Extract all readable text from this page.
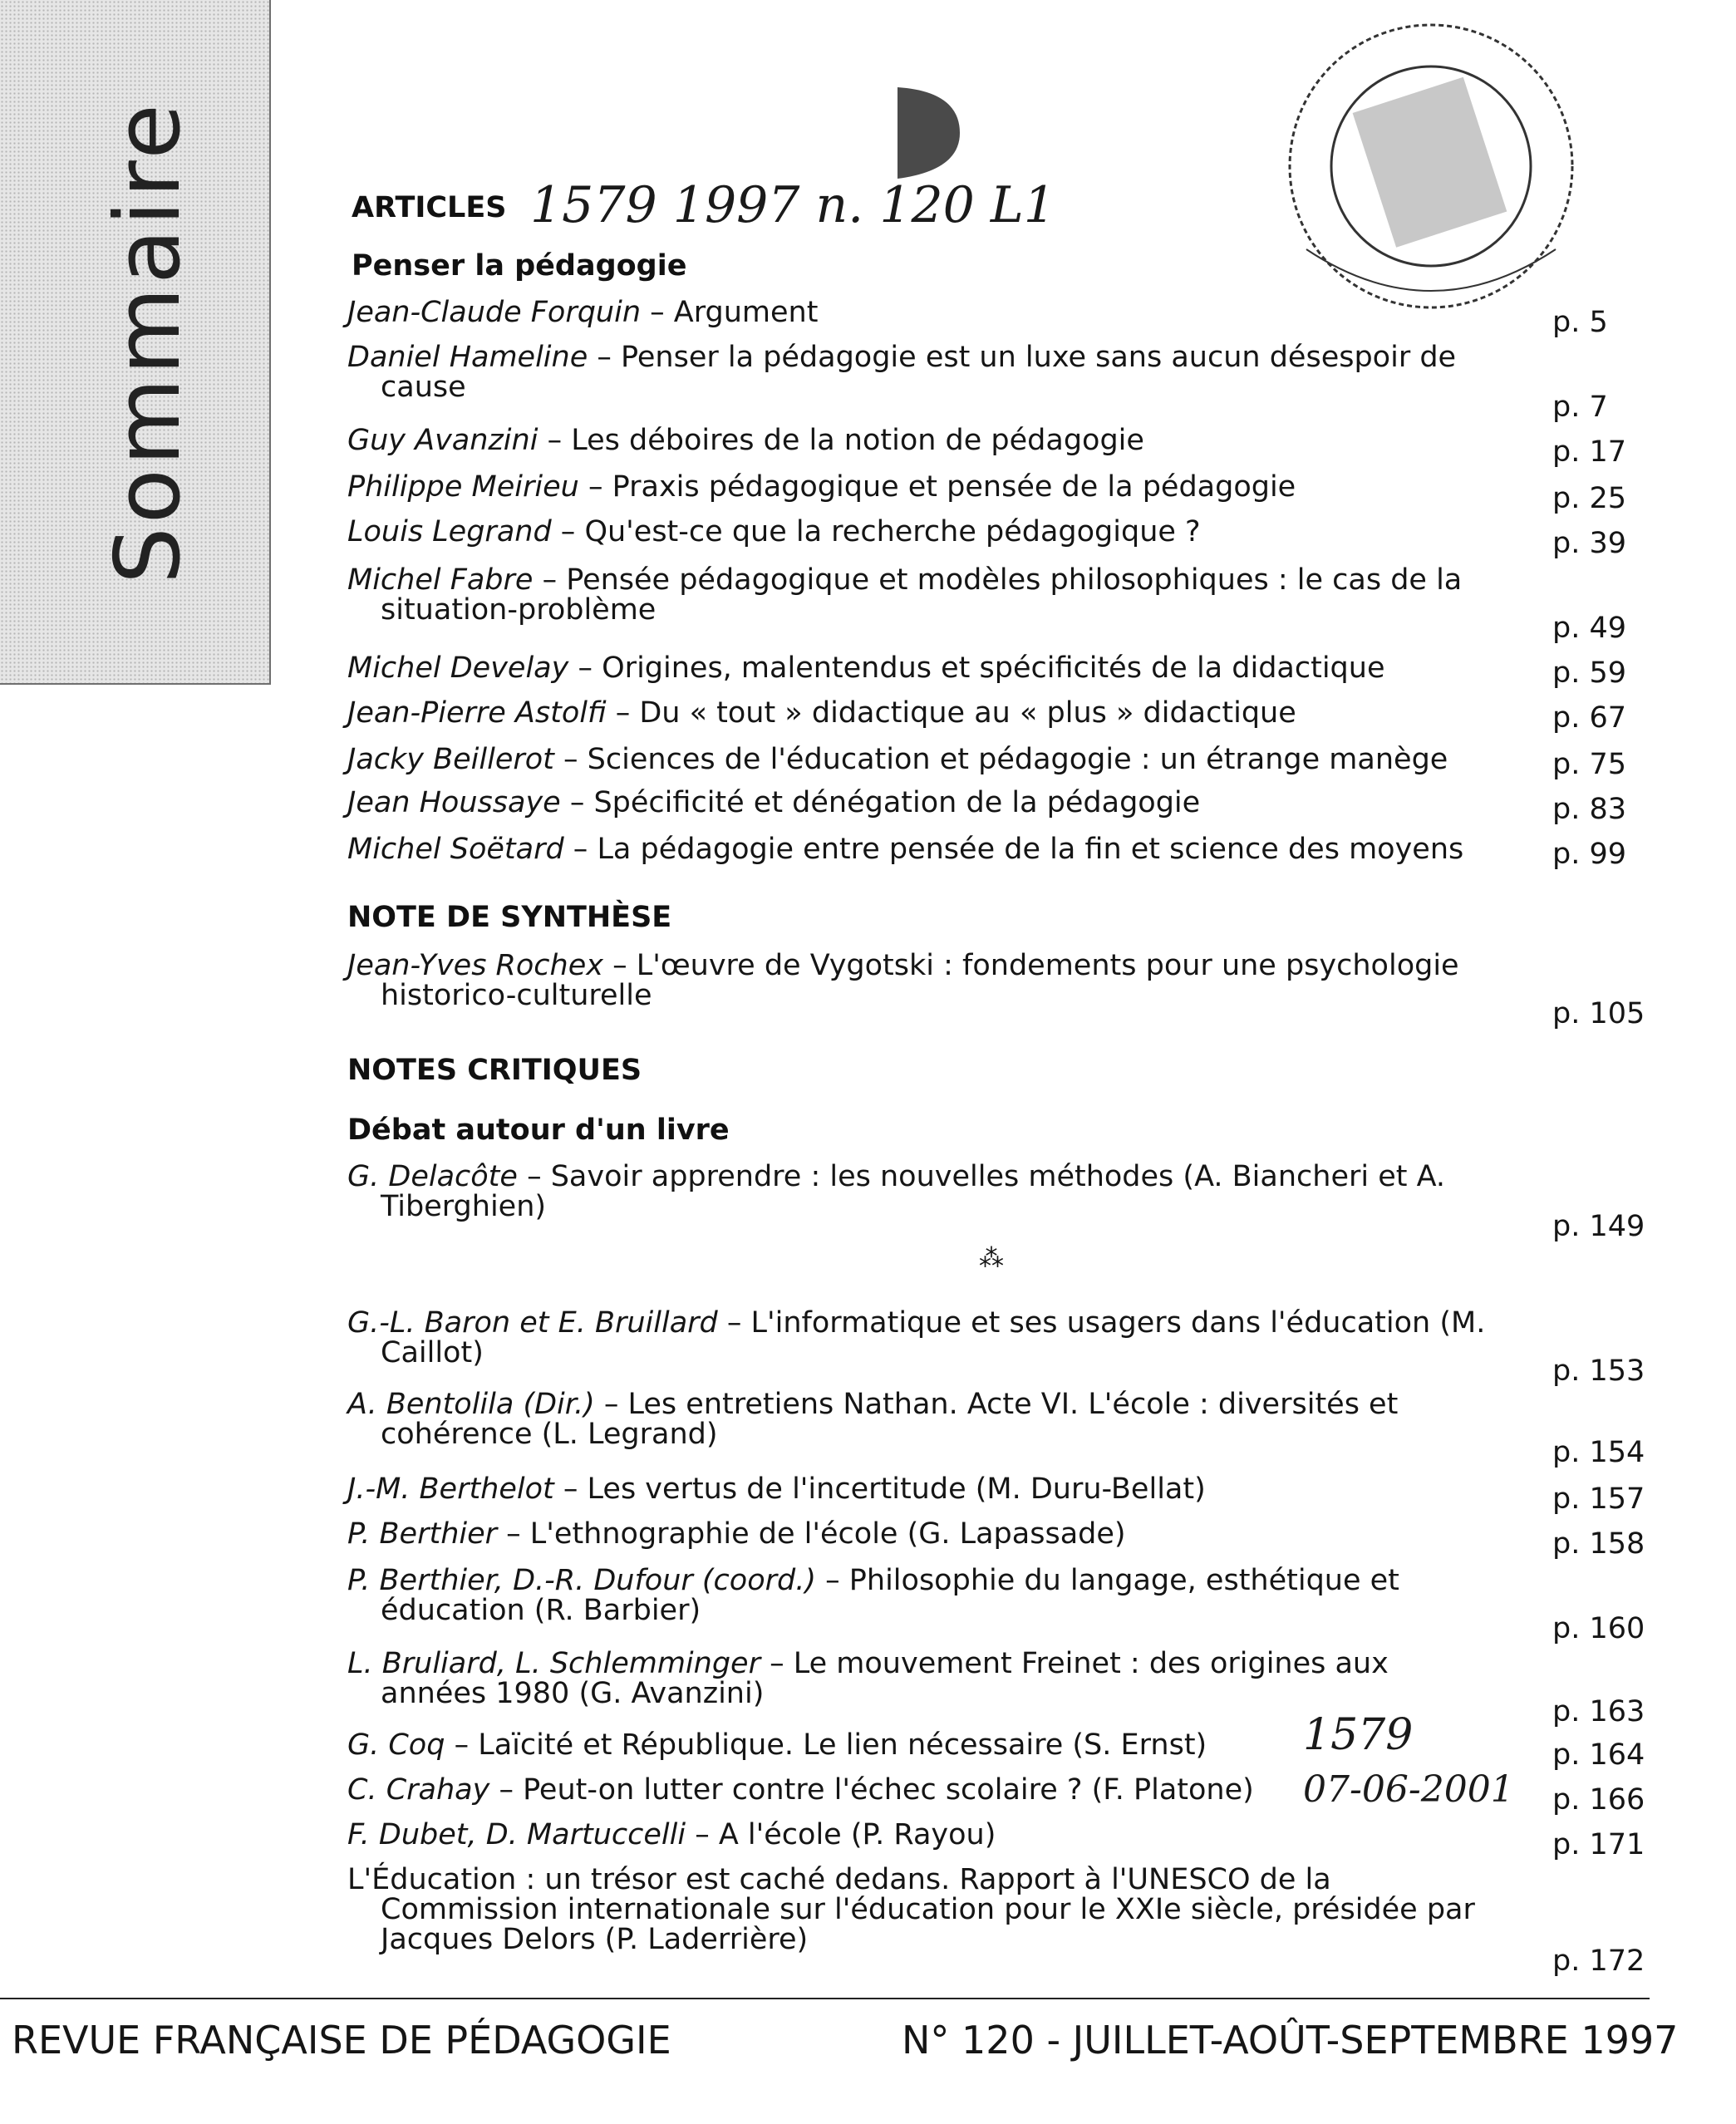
Sommaire	ARTICLES 1579 1997 n. 120 L1
Penser la pédagogie
Jean-Claude Forquin – Argument	p. 5
Daniel Hameline – Penser la pédagogie est un luxe sans aucun désespoir de cause
p. 7
Guy Avanzini – Les déboires de la notion de pédagogie	p. 17
Philippe Meirieu – Praxis pédagogique et pensée de la pédagogie	p. 25
Louis Legrand – Qu'est-ce que la recherche pédagogique ?	p. 39
Michel Fabre – Pensée pédagogique et modèles philosophiques : le cas de la situation-problème
p. 49
Michel Develay – Origines, malentendus et spécificités de la didactique	p. 59
Jean-Pierre Astolfi – Du « tout » didactique au « plus » didactique	p. 67
Jacky Beillerot – Sciences de l'éducation et pédagogie : un étrange manège	p. 75
Jean Houssaye – Spécificité et dénégation de la pédagogie	p. 83
Michel Soëtard – La pédagogie entre pensée de la fin et science des moyens	p. 99
NOTE DE SYNTHÈSE
Jean-Yves Rochex – L'œuvre de Vygotski : fondements pour une psychologie historico-culturelle
p. 105
NOTES CRITIQUES
Débat autour d'un livre
G. Delacôte – Savoir apprendre : les nouvelles méthodes (A. Biancheri et A. Tiberghien)
p. 149
⁂
G.-L. Baron et E. Bruillard – L'informatique et ses usagers dans l'éducation (M. Caillot)
p. 153
A. Bentolila (Dir.) – Les entretiens Nathan. Acte VI. L'école : diversités et cohérence (L. Legrand)
p. 154
J.-M. Berthelot – Les vertus de l'incertitude (M. Duru-Bellat)	p. 157
P. Berthier – L'ethnographie de l'école (G. Lapassade)	p. 158
P. Berthier, D.-R. Dufour (coord.) – Philosophie du langage, esthétique et éducation (R. Barbier)
p. 160
L. Bruliard, L. Schlemminger – Le mouvement Freinet : des origines aux années 1980 (G. Avanzini)
p. 163
G. Coq – Laïcité et République. Le lien nécessaire (S. Ernst)	p. 164
C. Crahay – Peut-on lutter contre l'échec scolaire ? (F. Platone)	p. 166
F. Dubet, D. Martuccelli – A l'école (P. Rayou)	p. 171
L'Éducation : un trésor est caché dedans. Rapport à l'UNESCO de la Commission internationale sur l'éducation pour le XXIe siècle, présidée par Jacques Delors (P. Laderrière)
p. 172
1579
07-06-2001
REVUE FRANÇAISE DE PÉDAGOGIE	N° 120 - JUILLET-AOÛT-SEPTEMBRE 1997
